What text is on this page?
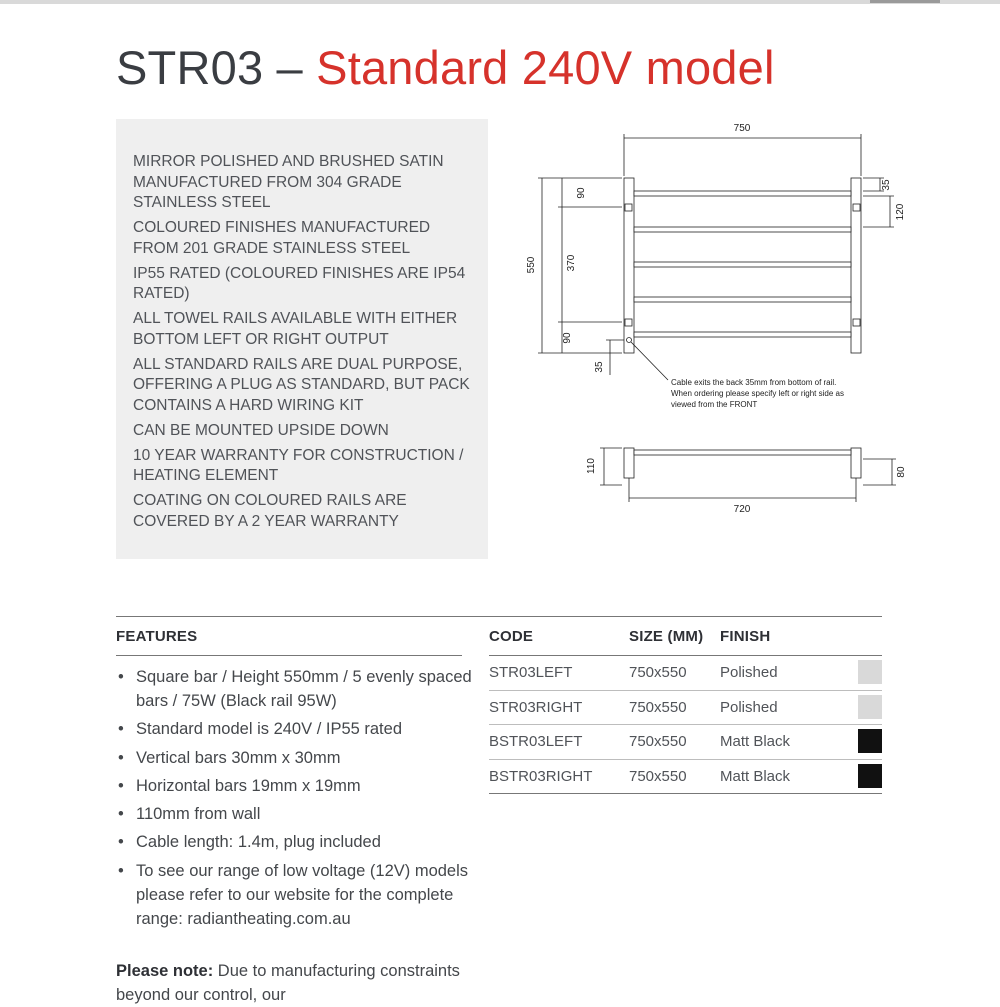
STR03 – Standard 240V model
MIRROR POLISHED AND BRUSHED SATIN MANUFACTURED FROM 304 GRADE STAINLESS STEEL
COLOURED FINISHES MANUFACTURED FROM 201 GRADE STAINLESS STEEL
IP55 RATED (COLOURED FINISHES ARE IP54 RATED)
ALL TOWEL RAILS AVAILABLE WITH EITHER BOTTOM LEFT OR RIGHT OUTPUT
ALL STANDARD RAILS ARE DUAL PURPOSE, OFFERING A PLUG AS STANDARD, BUT PACK CONTAINS A HARD WIRING KIT
CAN BE MOUNTED UPSIDE DOWN
10 YEAR WARRANTY FOR CONSTRUCTION / HEATING ELEMENT
COATING ON COLOURED RAILS ARE COVERED BY A 2 YEAR WARRANTY
750
550
90
370
90
35
35
120
Cable exits the back 35mm from bottom of rail.
When ordering please specify left or right side as
viewed from the FRONT
110	80
720
FEATURES	CODE	SIZE (MM) FINISH
• Square bar / Height 550mm / 5 evenly spaced bars / 75W (Black rail 95W)
• Standard model is 240V / IP55 rated
• Vertical bars 30mm x 30mm
• Horizontal bars 19mm x 19mm
• 110mm from wall
• Cable length: 1.4m, plug included
• To see our range of low voltage (12V) models please refer to our website for the complete range: radiantheating.com.au
Please note: Due to manufacturing constraints beyond our control, our
STR03LEFT	750x550 Polished
STR03RIGHT	750x550 Polished
BSTR03LEFT	750x550 Matt Black
BSTR03RIGHT 750x550 Matt Black
